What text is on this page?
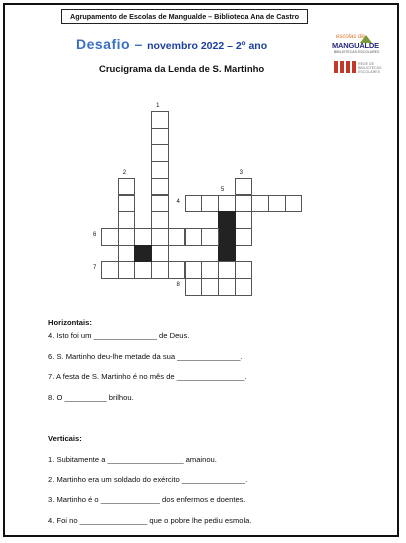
Agrupamento de Escolas de Mangualde – Biblioteca Ana de Castro
Desafio – novembro 2022 – 2º ano
escolas de
MANGUALDE
BIBLIOTECAS ESCOLARES
Crucigrama da Lenda de S. Martinho	REDE DE BIBLIOTECAS ESCOLARES
1
2	3
4
5
6
7
8
Horizontais:
4. Isto foi um _______________ de Deus.
6. S. Martinho deu-lhe metade da sua _______________.
7. A festa de S. Martinho é no mês de ________________.
8. O __________ brilhou.
Verticais:
1. Subitamente a __________________ amainou.
2. Martinho era um soldado do exército _______________.
3. Martinho é o ______________ dos enfermos e doentes.
4. Foi no ________________ que o pobre lhe pediu esmola.
